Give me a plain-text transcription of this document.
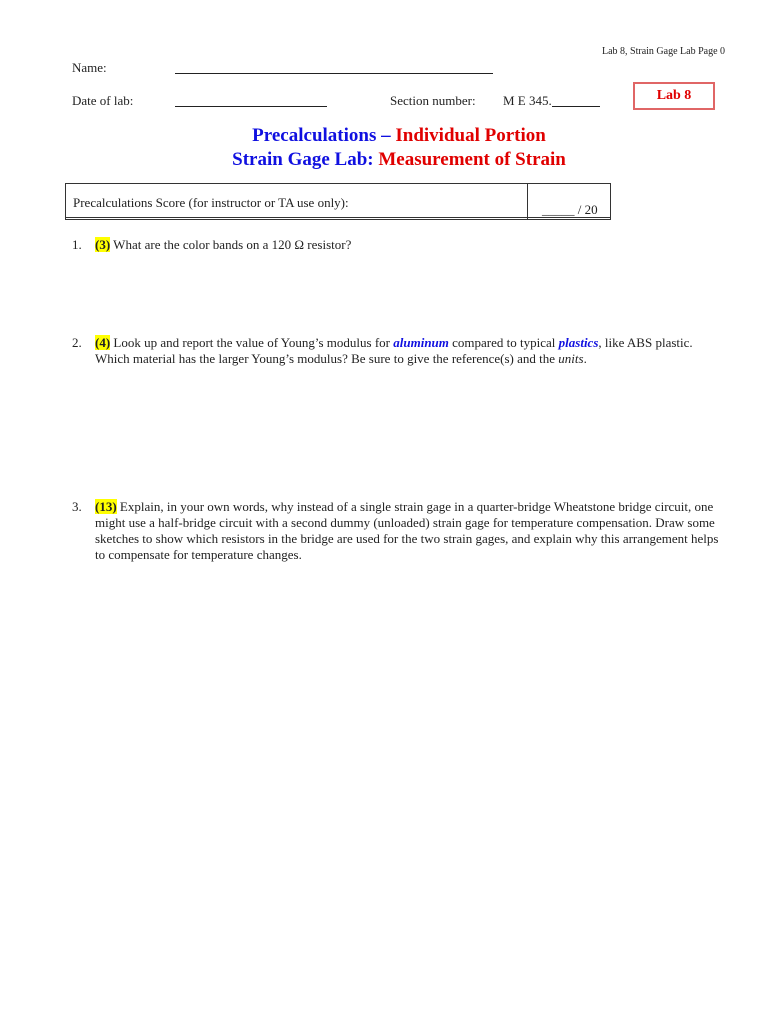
Lab 8, Strain Gage Lab Page 0
Name:
Date of lab:	Section number: M E 345.	Lab 8
Precalculations – Individual Portion
Strain Gage Lab: Measurement of Strain
Precalculations Score (for instructor or TA use only):	_____ / 20
1. (3) What are the color bands on a 120 Ω resistor?
2. (4) Look up and report the value of Young’s modulus for aluminum compared to typical plastics, like ABS plastic. Which material has the larger Young’s modulus? Be sure to give the reference(s) and the units.
3. (13) Explain, in your own words, why instead of a single strain gage in a quarter-bridge Wheatstone bridge circuit, one might use a half-bridge circuit with a second dummy (unloaded) strain gage for temperature compensation. Draw some sketches to show which resistors in the bridge are used for the two strain gages, and explain why this arrangement helps to compensate for temperature changes.
